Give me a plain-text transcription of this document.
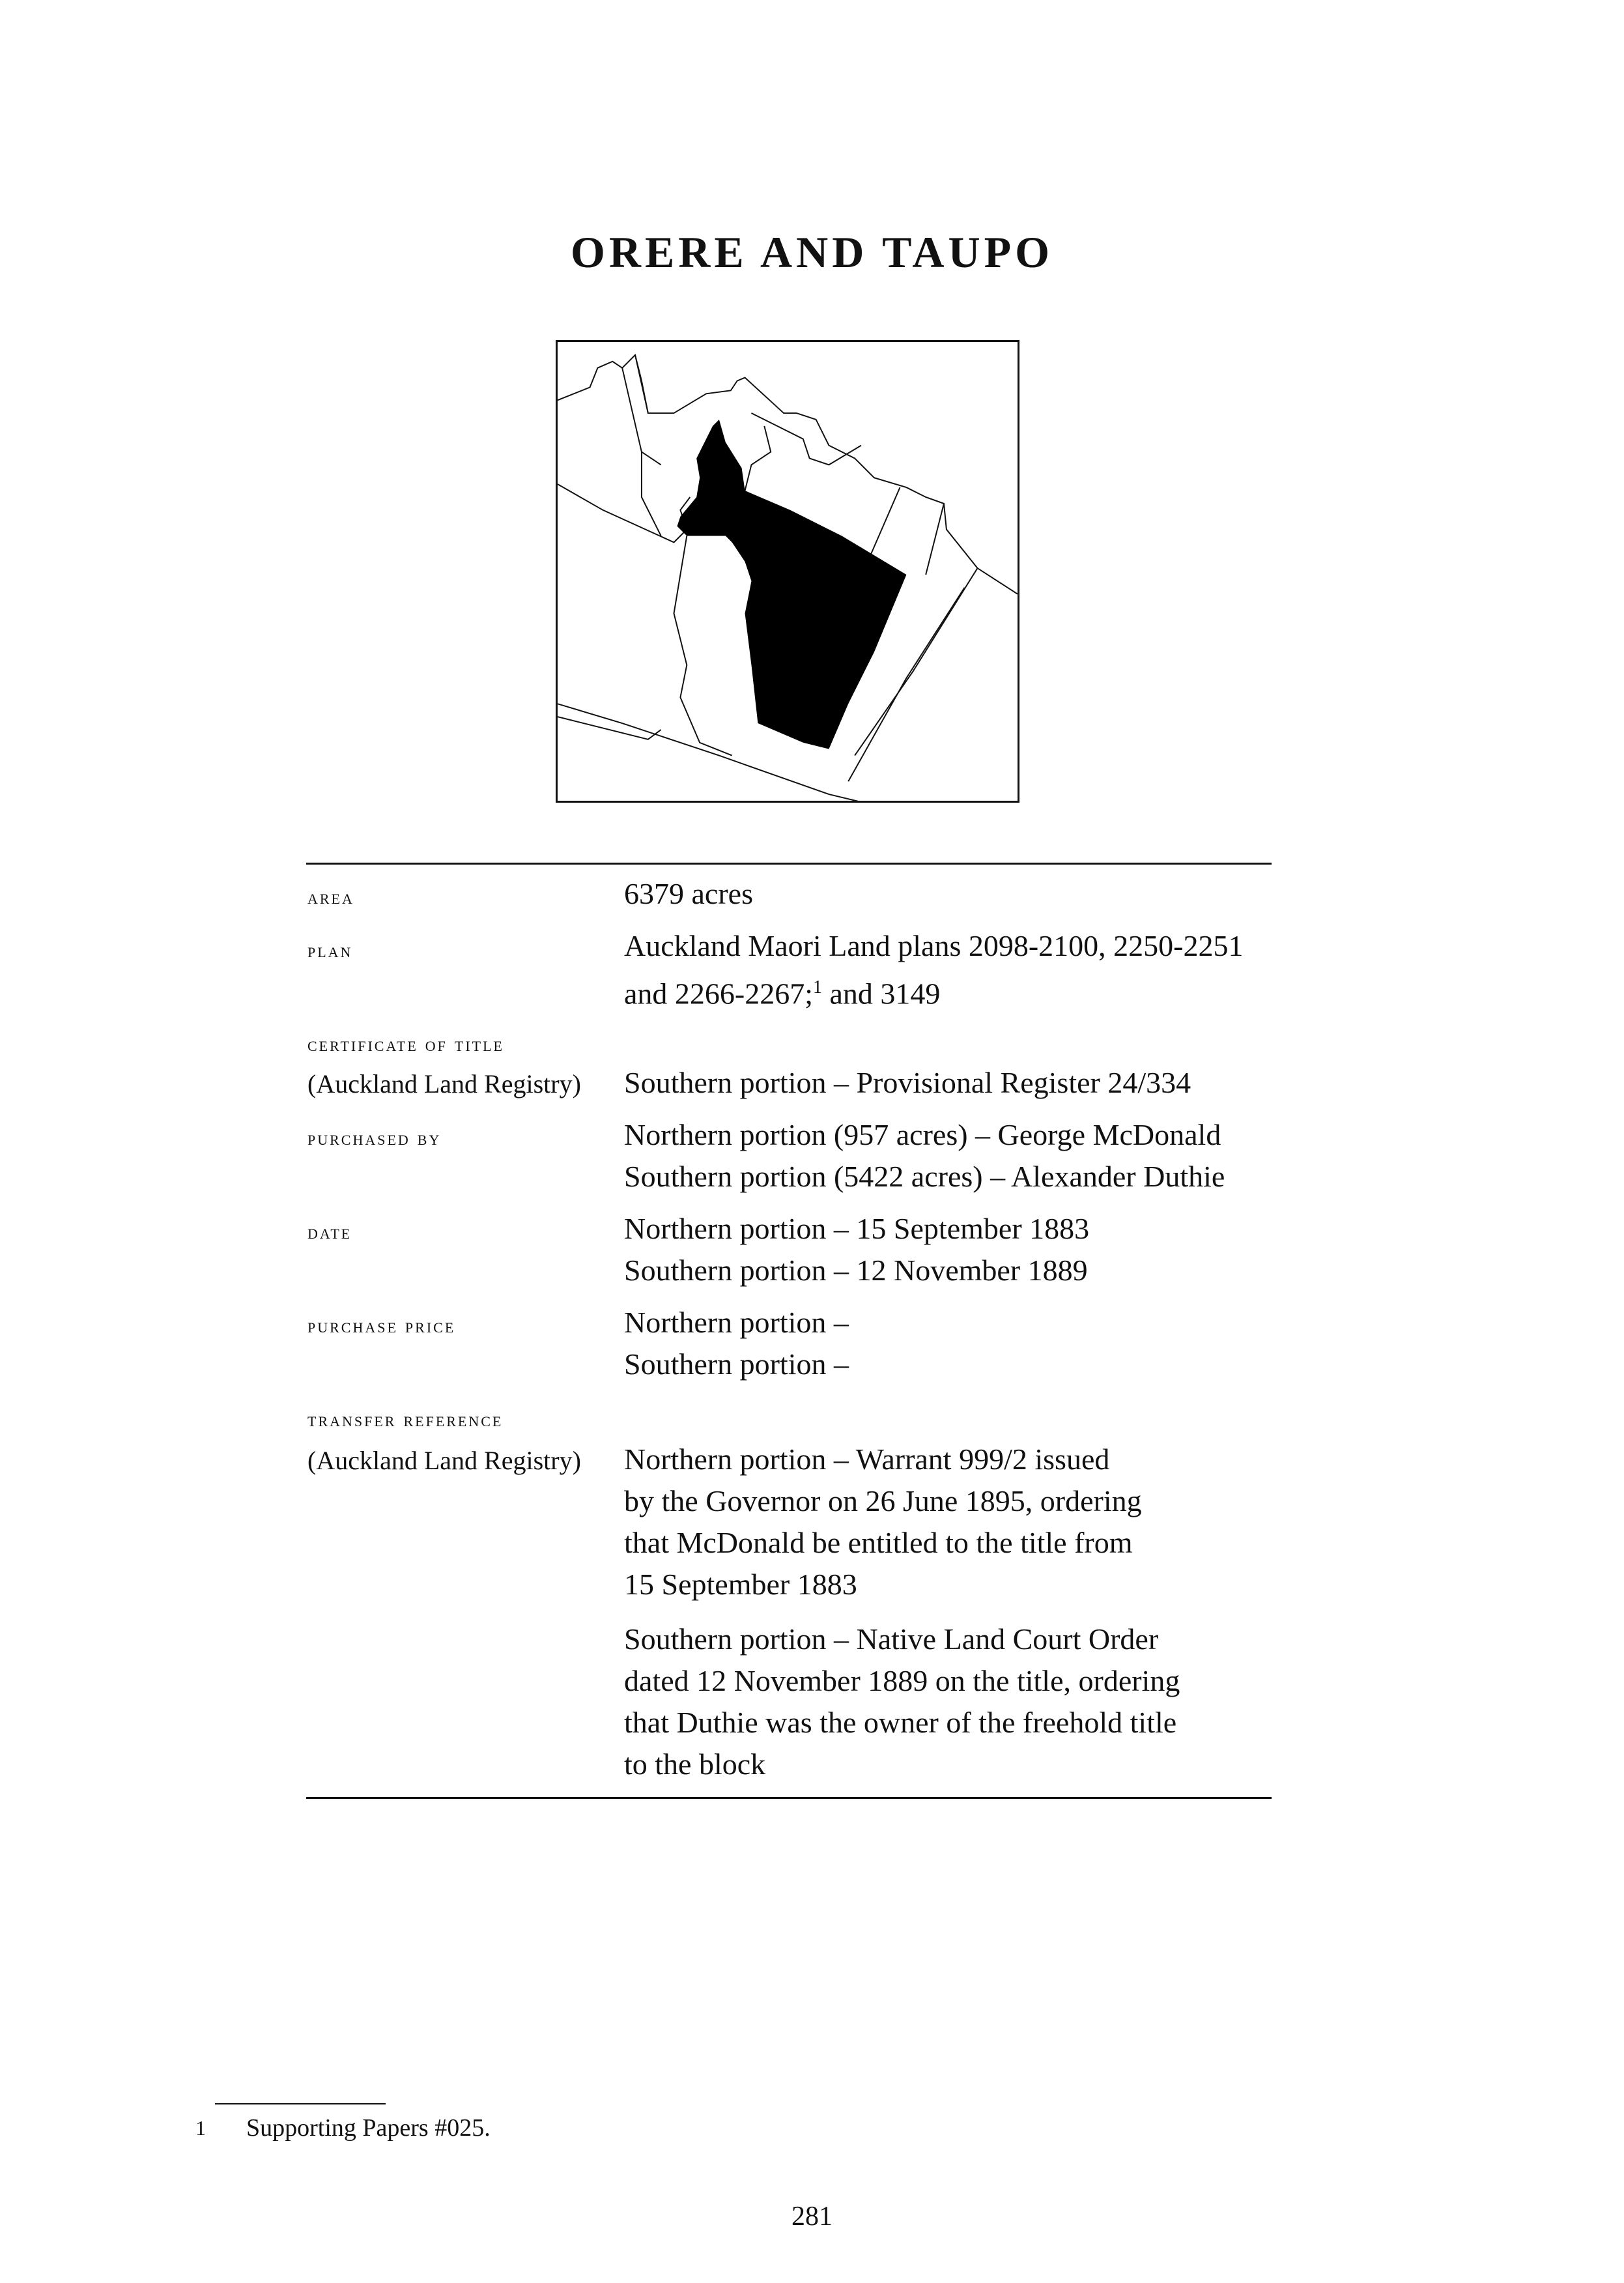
ORERE AND TAUPO
area	6379 acres
plan	Auckland Maori Land plans 2098-2100, 2250-2251
and 2266-2267;$^1$ and 3149
certificate of title
(Auckland Land Registry) Southern portion – Provisional Register 24/334
purchased by	Northern portion (957 acres) – George McDonald
Southern portion (5422 acres) – Alexander Duthie
date	Northern portion – 15 September 1883
Southern portion – 12 November 1889
purchase price	Northern portion –
Southern portion –
transfer reference
(Auckland Land Registry) Northern portion – Warrant 999/2 issued
by the Governor on 26 June 1895, ordering
that McDonald be entitled to the title from
15 September 1883
Southern portion – Native Land Court Order
dated 12 November 1889 on the title, ordering
that Duthie was the owner of the freehold title
to the block
1 Supporting Papers #025.
281
